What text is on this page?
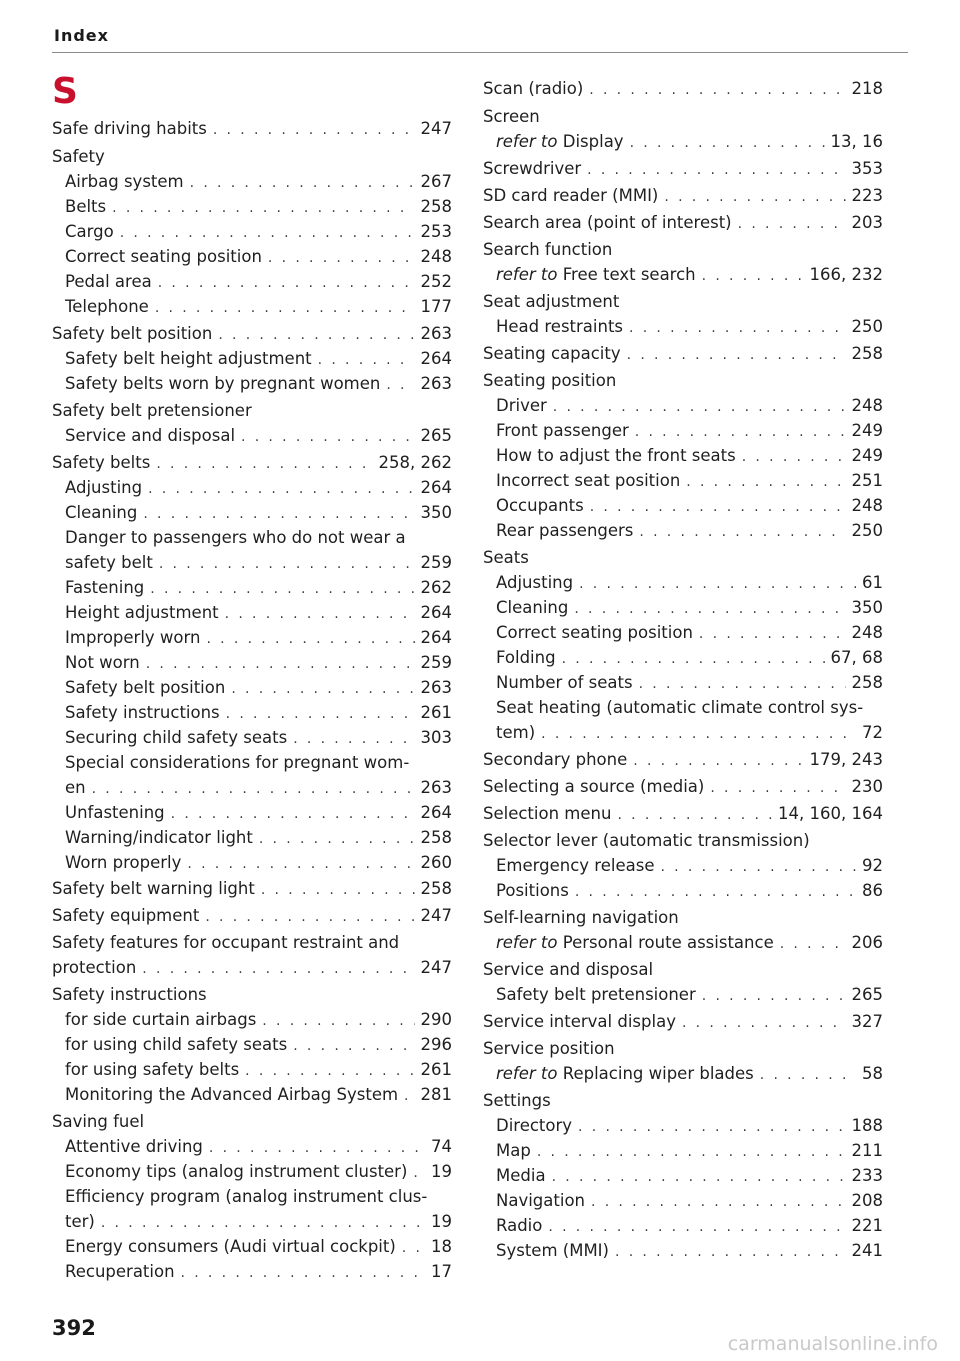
Index
S
Safe driving habits . . .	247
Safety
Airbag system . . .	267
Belts . . .	258
Cargo . . .	253
Correct seating position . . .	248
Pedal area . . .	252
Telephone . . .	177
Safety belt position . . .	263
Safety belt height adjustment . . .	264
Safety belts worn by pregnant women . . . 263
Safety belt pretensioner
Service and disposal . . .	265
Safety belts . . .	258, 262
Adjusting . . .	264
Cleaning . . .	350
Danger to passengers who do not wear a
safety belt . . .	259
Fastening . . .	262
Height adjustment . . .	264
Improperly worn . . .	264
Not worn . . .	259
Safety belt position . . .	263
Safety instructions . . .	261
Securing child safety seats . . .	303
Special considerations for pregnant wom-
en . . .	263
Unfastening . . .	264
Warning/indicator light . . .	258
Worn properly . . .	260
Safety belt warning light . . .	258
Safety equipment . . .	247
Safety features for occupant restraint and
protection . . .	247
Safety instructions
for side curtain airbags . . .	290
for using child safety seats . . .	296
for using safety belts . . .	261
Monitoring the Advanced Airbag System . . . 281
Saving fuel
Attentive driving . . .	74
Economy tips (analog instrument cluster) . . . 19
Efficiency program (analog instrument clus-
ter) . . .	19
Energy consumers (Audi virtual cockpit) . . . 18
Recuperation . . .	17
Scan (radio) . . .	218
Screen
refer to Display . . .	13, 16
Screwdriver . . .	353
SD card reader (MMI) . . .	223
Search area (point of interest) . . .	203
Search function
refer to Free text search . . .	166, 232
Seat adjustment
Head restraints . . .	250
Seating capacity . . .	258
Seating position
Driver . . .	248
Front passenger . . .	249
How to adjust the front seats . . .	249
Incorrect seat position . . .	251
Occupants . . .	248
Rear passengers . . .	250
Seats
Adjusting . . .	61
Cleaning . . .	350
Correct seating position . . .	248
Folding . . .	67, 68
Number of seats . . .	258
Seat heating (automatic climate control sys-
tem) . . .	72
Secondary phone . . .	179, 243
Selecting a source (media) . . .	230
Selection menu . . .	14, 160, 164
Selector lever (automatic transmission)
Emergency release . . .	92
Positions . . .	86
Self-learning navigation
refer to Personal route assistance . . .	206
Service and disposal
Safety belt pretensioner . . .	265
Service interval display . . .	327
Service position
refer to Replacing wiper blades . . .	58
Settings
Directory . . .	188
Map . . .	211
Media . . .	233
Navigation . . .	208
Radio . . .	221
System (MMI) . . .	241
392
carmanualsonline.info
